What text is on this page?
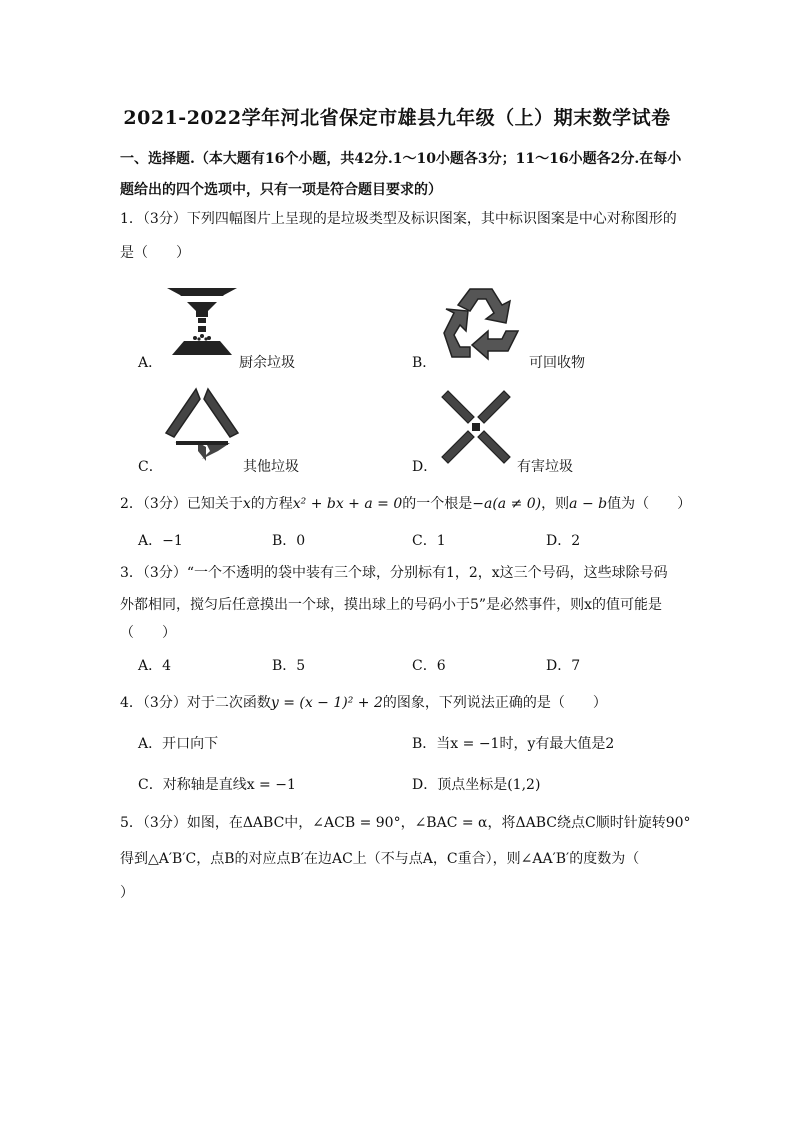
2021-2022学年河北省保定市雄县九年级（上）期末数学试卷
一、选择题.（本大题有16个小题，共42分.1～10小题各3分；11～16小题各2分.在每小
题给出的四个选项中，只有一项是符合题目要求的）
1．（3分）下列四幅图片上呈现的是垃圾类型及标识图案，其中标识图案是中心对称图形的
是（　　）
A．	厨余垃圾	B．	可回收物
C．	其他垃圾	D．	有害垃圾
2．（3分）已知关于x的方程x² + bx + a = 0的一个根是−a(a ≠ 0)，则a − b值为（　　）
A．−1	B．0	C．1	D．2
3．（3分）“一个不透明的袋中装有三个球，分别标有1，2，x这三个号码，这些球除号码
外都相同，搅匀后任意摸出一个球，摸出球上的号码小于5”是必然事件，则x的值可能是
（　　）
A．4	B．5	C．6	D．7
4．（3分）对于二次函数y = (x − 1)² + 2的图象，下列说法正确的是（　　）
A．开口向下	B．当x = −1时，y有最大值是2
C．对称轴是直线x = −1	D．顶点坐标是(1,2)
5．（3分）如图，在ΔABC中，∠ACB = 90°，∠BAC = α，将ΔABC绕点C顺时针旋转90°
得到△A′B′C，点B的对应点B′在边AC上（不与点A，C重合），则∠AA′B′的度数为（
）
